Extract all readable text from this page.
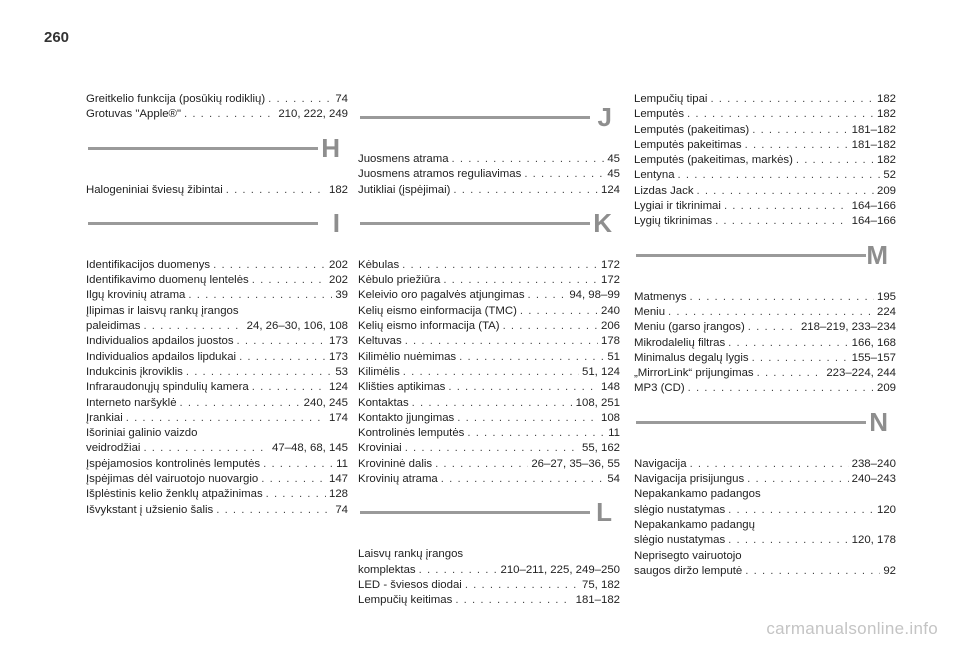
260
Greitkelio funkcija (posūkių rodiklių) . . .	74
Grotuvas "Apple®" . . .	210, 222, 249
H
Halogeniniai šviesų žibintai . . .	182
I
Identifikacijos duomenys . . .	202
Identifikavimo duomenų lentelės . . .	202
Ilgų krovinių atrama . . .	39
Įlipimas ir laisvų rankų įrangos
paleidimas . . .	24, 26–30, 106, 108
Individualios apdailos juostos . . .	173
Individualios apdailos lipdukai . . .	173
Indukcinis įkroviklis . . .	53
Infraraudonųjų spindulių kamera . . .	124
Interneto naršyklė . . .	240, 245
Įrankiai . . .	174
Išoriniai galinio vaizdo
veidrodžiai . . .	47–48, 68, 145
Įspėjamosios kontrolinės lemputės . . .	11
Įspėjimas dėl vairuotojo nuovargio . . .	147
Išplėstinis kelio ženklų atpažinimas . . .	128
Išvykstant į užsienio šalis . . .	74
J
Juosmens atrama . . .	45
Juosmens atramos reguliavimas . . .	45
Jutikliai (įspėjimai) . . .	124
K
Kėbulas . . .	172
Kėbulo priežiūra . . .	172
Keleivio oro pagalvės atjungimas . . .	94, 98–99
Kelių eismo einformacija (TMC) . . .	240
Kelių eismo informacija (TA) . . .	206
Keltuvas . . .	178
Kilimėlio nuėmimas . . .	51
Kilimėlis . . .	51, 124
Klišties aptikimas . . .	148
Kontaktas . . .	108, 251
Kontakto įjungimas . . .	108
Kontrolinės lemputės . . .	11
Kroviniai . . .	55, 162
Krovininė dalis . . .	26–27, 35–36, 55
Krovinių atrama . . .	54
L
Laisvų rankų įrangos
komplektas . . .	210–211, 225, 249–250
LED - šviesos diodai . . .	75, 182
Lempučių keitimas . . .	181–182
Lempučių tipai . . .	182
Lemputės . . .	182
Lemputės (pakeitimas) . . .	181–182
Lemputės pakeitimas . . .	181–182
Lemputės (pakeitimas, markės) . . .	182
Lentyna . . .	52
Lizdas Jack . . .	209
Lygiai ir tikrinimai . . .	164–166
Lygių tikrinimas . . .	164–166
M
Matmenys . . .	195
Meniu . . .	224
Meniu (garso įrangos) . . .	218–219, 233–234
Mikrodalelių filtras . . .	166, 168
Minimalus degalų lygis . . .	155–157
„MirrorLink“ prijungimas . . .	223–224, 244
MP3 (CD) . . .	209
N
Navigacija . . .	238–240
Navigacija prisijungus . . .	240–243
Nepakankamo padangos
slėgio nustatymas . . .	120
Nepakankamo padangų
slėgio nustatymas . . .	120, 178
Neprisegto vairuotojo
saugos diržo lemputė . . .	92
carmanualsonline.info
